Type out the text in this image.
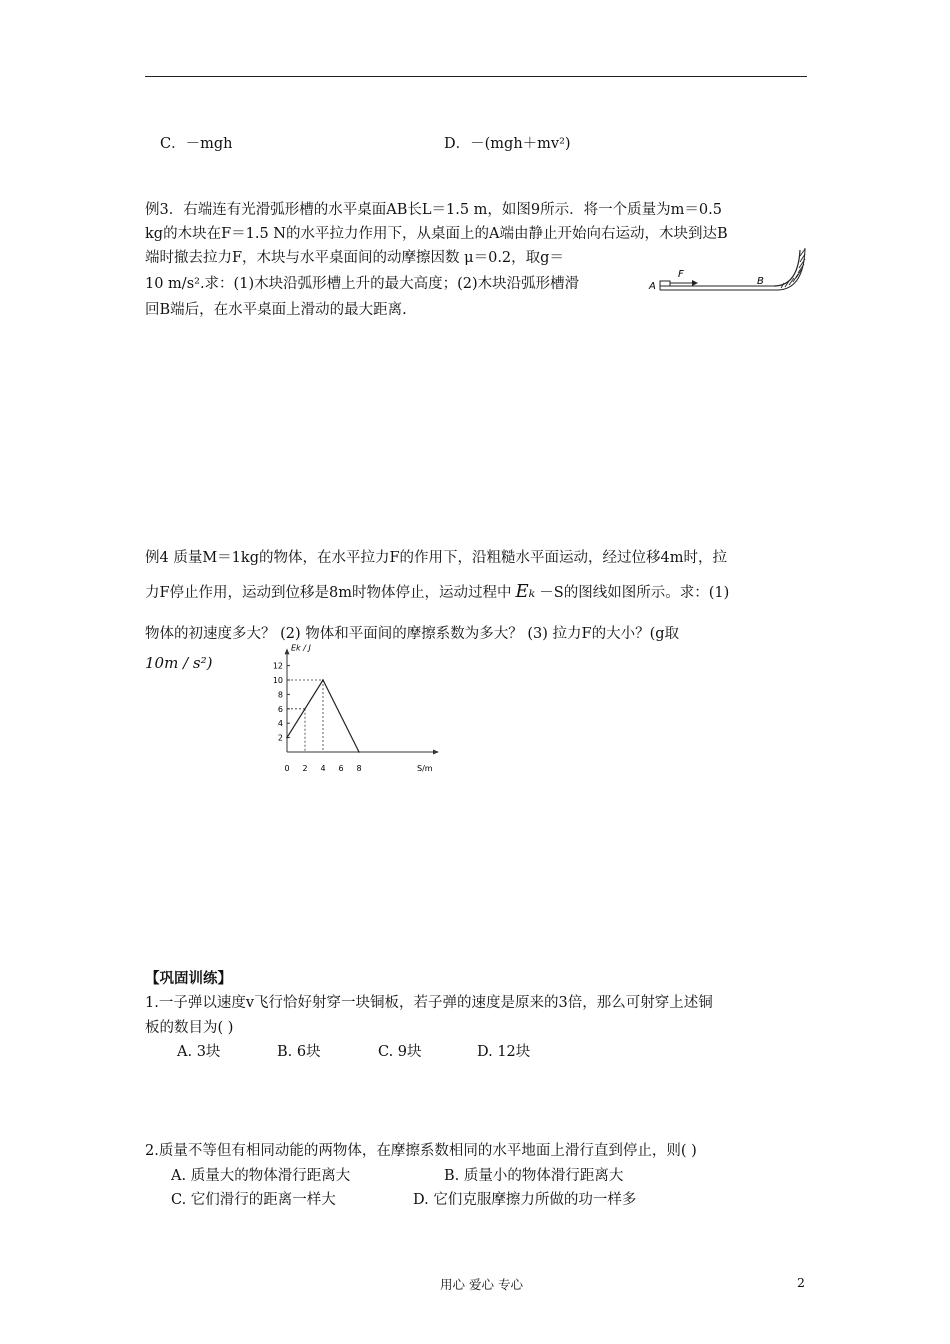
C．－mgh	D．－(mgh＋mv²)
例3．右端连有光滑弧形槽的水平桌面AB长L＝1.5 m，如图9所示．将一个质量为m＝0.5
kg的木块在F＝1.5 N的水平拉力作用下，从桌面上的A端由静止开始向右运动，木块到达B
端时撤去拉力F，木块与水平桌面间的动摩擦因数 μ＝0.2，取g＝
10 m/s².求：(1)木块沿弧形槽上升的最大高度；(2)木块沿弧形槽滑
回B端后，在水平桌面上滑动的最大距离.
A
F
B
例4 质量M＝1kg的物体，在水平拉力F的作用下，沿粗糙水平面运动，经过位移4m时，拉
力F停止作用，运动到位移是8m时物体停止，运动过程中 Eₖ －S的图线如图所示。求：(1)
物体的初速度多大？ (2) 物体和平面间的摩擦系数为多大？ (3) 拉力F的大小？(g取
10m / s²)
Ek / J
S/m
0 2 4 6 8
2
4
6
8
10
12
【巩固训练】
1.一子弹以速度v飞行恰好射穿一块铜板，若子弹的速度是原来的3倍，那么可射穿上述铜
板的数目为( )
A. 3块	B. 6块	C. 9块	D. 12块
2.质量不等但有相同动能的两物体，在摩擦系数相同的水平地面上滑行直到停止，则( )
A. 质量大的物体滑行距离大	B. 质量小的物体滑行距离大
C. 它们滑行的距离一样大	D. 它们克服摩擦力所做的功一样多
用心 爱心 专心	2
